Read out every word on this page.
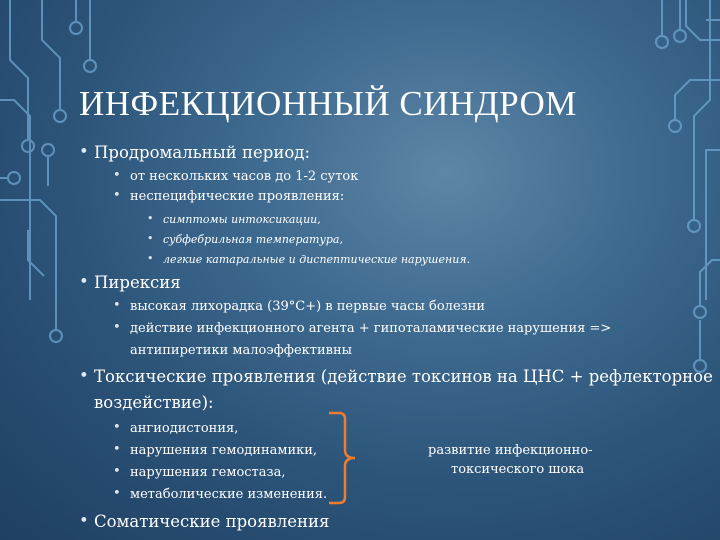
ИНФЕКЦИОННЫЙ СИНДРОМ
• Продромальный период:
• от нескольких часов до 1-2 суток
• неспецифические проявления:
• симптомы интоксикации,
• субфебрильная температура,
• легкие катаральные и диспептические нарушения.
• Пирексия
• высокая лихорадка (39°С+) в первые часы болезни
• действие инфекционного агента + гипоталамические нарушения =>
антипиретики малоэффективны
• Токсические проявления (действие токсинов на ЦНС + рефлекторное
воздействие):
• ангиодистония,
• нарушения гемодинамики,
• нарушения гемостаза,
• метаболические изменения.
развитие инфекционно-
токсического шока
• Соматические проявления
